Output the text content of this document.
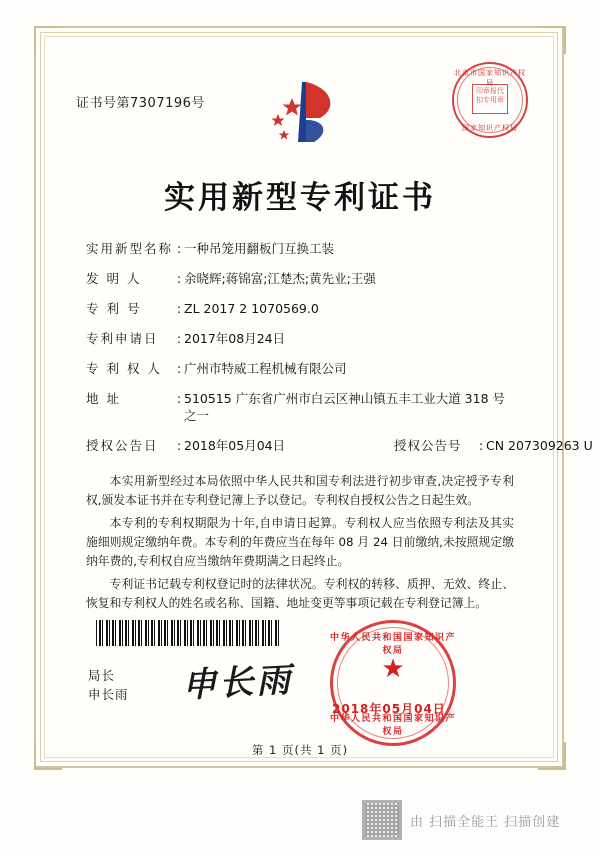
证书号第7307196号
北京市国家知识产权局
印章报代扣专用章
国家知识产权局
实用新型专利证书
实用新型名称 : 一种吊笼用翻板门互换工装
发 明 人	: 余晓辉;蒋锦富;江楚杰;黄先业;王强
专 利 号	: ZL 2017 2 1070569.0
专利申请日	: 2017年08月24日
专 利 权 人	: 广州市特威工程机械有限公司
地 址	: 510515 广东省广州市白云区神山镇五丰工业大道 318 号之一
授权公告日	: 2018年05月04日	授权公告号	: CN 207309263 U

本实用新型经过本局依照中华人民共和国专利法进行初步审查,决定授予专利权,颁发本证书并在专利登记簿上予以登记。专利权自授权公告之日起生效。

本专利的专利权期限为十年,自申请日起算。专利权人应当依照专利法及其实施细则规定缴纳年费。本专利的年费应当在每年 08 月 24 日前缴纳,未按照规定缴纳年费的,专利权自应当缴纳年费期满之日起终止。

专利证书记载专利权登记时的法律状况。专利权的转移、质押、无效、终止、恢复和专利权人的姓名或名称、国籍、地址变更等事项记载在专利登记簿上。

局长
申长雨 申长雨
中华人民共和国国家知识产权局
★
中华人民共和国国家知识产权局
2018年05月04日
第 1 页(共 1 页)
由 扫描全能王 扫描创建
